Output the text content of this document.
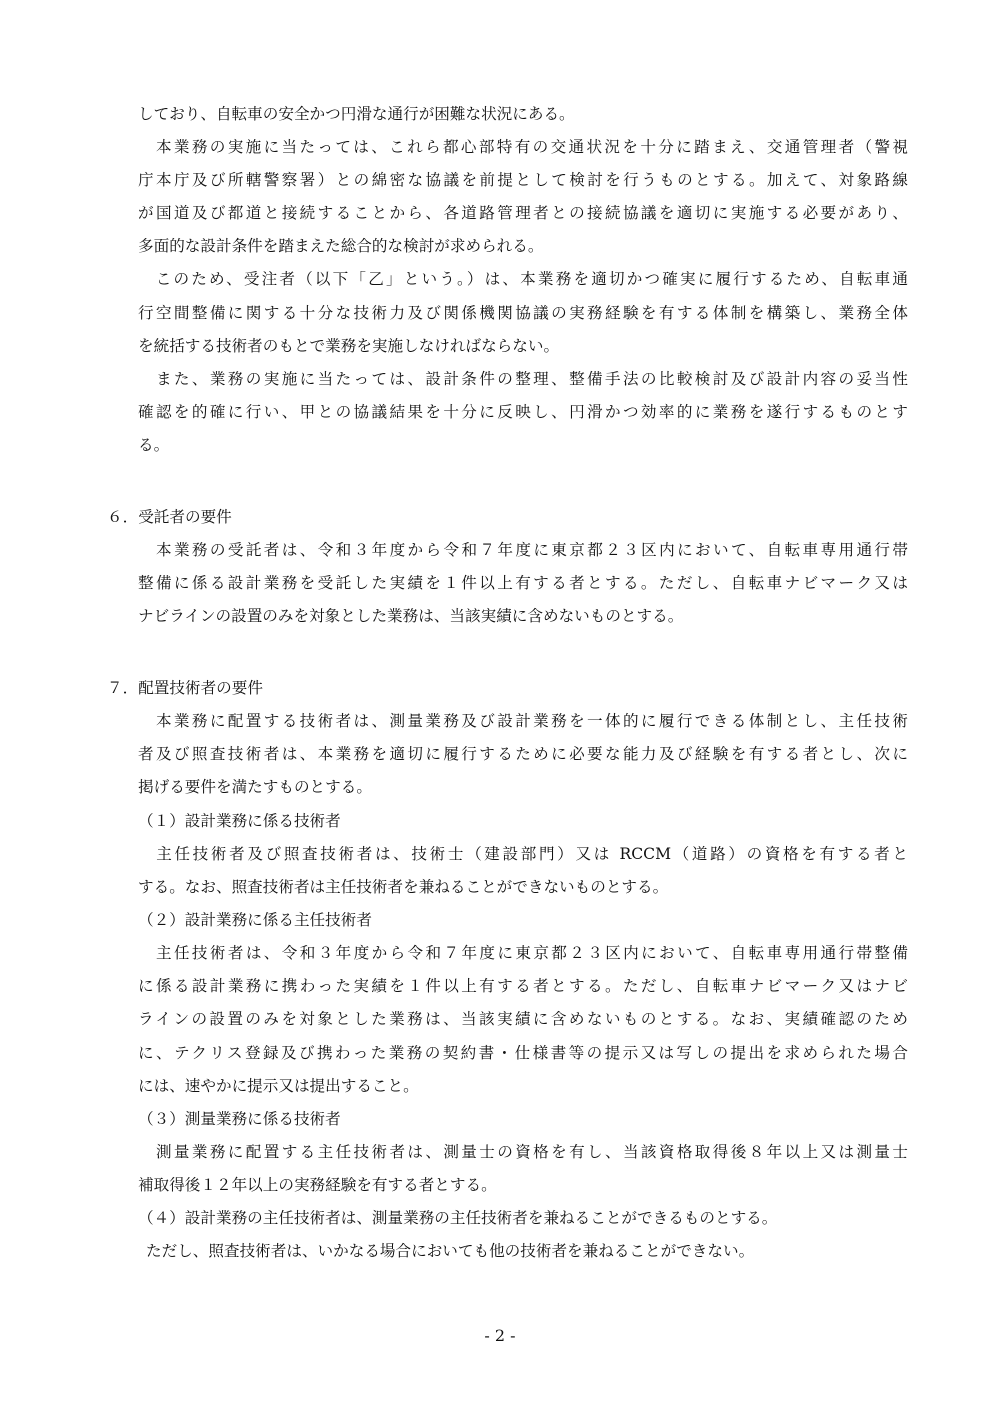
しており、自転車の安全かつ円滑な通行が困難な状況にある。
　本業務の実施に当たっては、これら都心部特有の交通状況を十分に踏まえ、交通管理者（警視
庁本庁及び所轄警察署）との綿密な協議を前提として検討を行うものとする。加えて、対象路線
が国道及び都道と接続することから、各道路管理者との接続協議を適切に実施する必要があり、
多面的な設計条件を踏まえた総合的な検討が求められる。
　このため、受注者（以下「乙」という。）は、本業務を適切かつ確実に履行するため、自転車通
行空間整備に関する十分な技術力及び関係機関協議の実務経験を有する体制を構築し、業務全体
を統括する技術者のもとで業務を実施しなければならない。
　また、業務の実施に当たっては、設計条件の整理、整備手法の比較検討及び設計内容の妥当性
確認を的確に行い、甲との協議結果を十分に反映し、円滑かつ効率的に業務を遂行するものとす
る。
６．受託者の要件
　本業務の受託者は、令和３年度から令和７年度に東京都２３区内において、自転車専用通行帯
整備に係る設計業務を受託した実績を１件以上有する者とする。ただし、自転車ナビマーク又は
ナビラインの設置のみを対象とした業務は、当該実績に含めないものとする。
７．配置技術者の要件
　本業務に配置する技術者は、測量業務及び設計業務を一体的に履行できる体制とし、主任技術
者及び照査技術者は、本業務を適切に履行するために必要な能力及び経験を有する者とし、次に
掲げる要件を満たすものとする。
（１）設計業務に係る技術者
　主任技術者及び照査技術者は、技術士（建設部門）又は RCCM（道路）の資格を有する者と
する。なお、照査技術者は主任技術者を兼ねることができないものとする。
（２）設計業務に係る主任技術者
　主任技術者は、令和３年度から令和７年度に東京都２３区内において、自転車専用通行帯整備
に係る設計業務に携わった実績を１件以上有する者とする。ただし、自転車ナビマーク又はナビ
ラインの設置のみを対象とした業務は、当該実績に含めないものとする。なお、実績確認のため
に、テクリス登録及び携わった業務の契約書・仕様書等の提示又は写しの提出を求められた場合
には、速やかに提示又は提出すること。
（３）測量業務に係る技術者
　測量業務に配置する主任技術者は、測量士の資格を有し、当該資格取得後８年以上又は測量士
補取得後１２年以上の実務経験を有する者とする。
（４）設計業務の主任技術者は、測量業務の主任技術者を兼ねることができるものとする。
ただし、照査技術者は、いかなる場合においても他の技術者を兼ねることができない。
- 2 -
